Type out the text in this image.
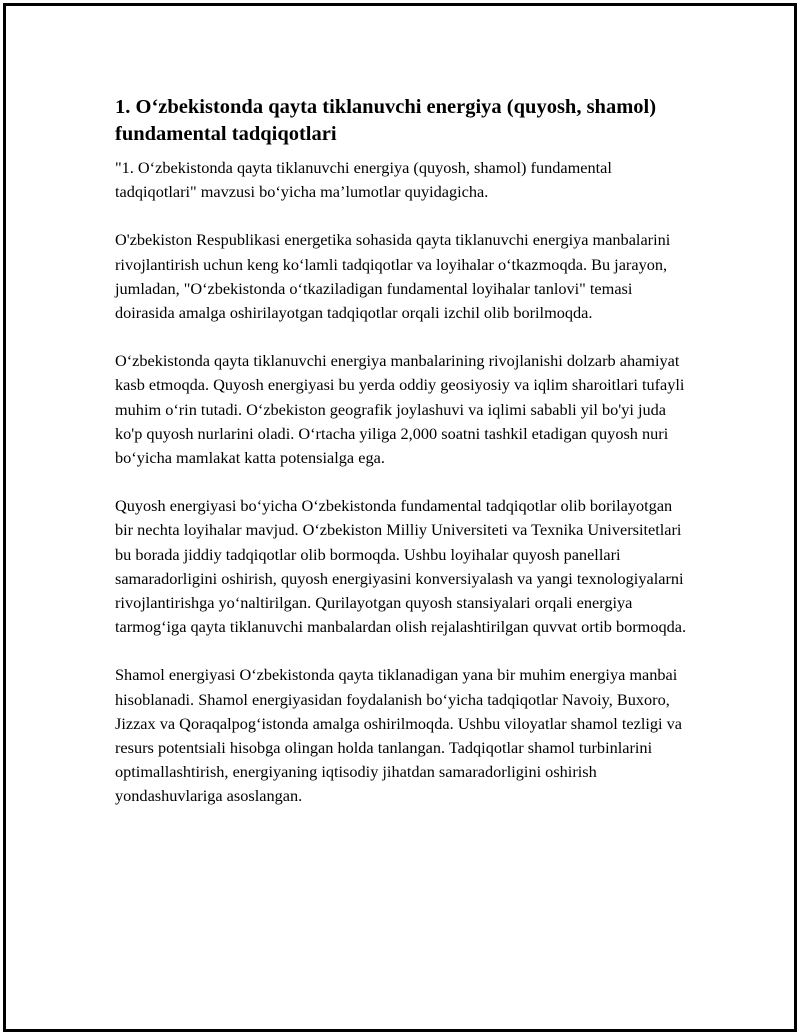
1. O‘zbekistonda qayta tiklanuvchi energiya (quyosh, shamol) fundamental tadqiqotlari

"1. O‘zbekistonda qayta tiklanuvchi energiya (quyosh, shamol) fundamental tadqiqotlari" mavzusi bo‘yicha ma’lumotlar quyidagicha.

O'zbekiston Respublikasi energetika sohasida qayta tiklanuvchi energiya manbalarini rivojlantirish uchun keng ko‘lamli tadqiqotlar va loyihalar o‘tkazmoqda. Bu jarayon, jumladan, "O‘zbekistonda o‘tkaziladigan fundamental loyihalar tanlovi" temasi doirasida amalga oshirilayotgan tadqiqotlar orqali izchil olib borilmoqda.

O‘zbekistonda qayta tiklanuvchi energiya manbalarining rivojlanishi dolzarb ahamiyat kasb etmoqda. Quyosh energiyasi bu yerda oddiy geosiyosiy va iqlim sharoitlari tufayli muhim o‘rin tutadi. O‘zbekiston geografik joylashuvi va iqlimi sababli yil bo'yi juda ko'p quyosh nurlarini oladi. O‘rtacha yiliga 2,000 soatni tashkil etadigan quyosh nuri bo‘yicha mamlakat katta potensialga ega.

Quyosh energiyasi bo‘yicha O‘zbekistonda fundamental tadqiqotlar olib borilayotgan bir nechta loyihalar mavjud. O‘zbekiston Milliy Universiteti va Texnika Universitetlari bu borada jiddiy tadqiqotlar olib bormoqda. Ushbu loyihalar quyosh panellari samaradorligini oshirish, quyosh energiyasini konversiyalash va yangi texnologiyalarni rivojlantirishga yo‘naltirilgan. Qurilayotgan quyosh stansiyalari orqali energiya tarmog‘iga qayta tiklanuvchi manbalardan olish rejalashtirilgan quvvat ortib bormoqda.

Shamol energiyasi O‘zbekistonda qayta tiklanadigan yana bir muhim energiya manbai hisoblanadi. Shamol energiyasidan foydalanish bo‘yicha tadqiqotlar Navoiy, Buxoro, Jizzax va Qoraqalpog‘istonda amalga oshirilmoqda. Ushbu viloyatlar shamol tezligi va resurs potentsiali hisobga olingan holda tanlangan. Tadqiqotlar shamol turbinlarini optimallashtirish, energiyaning iqtisodiy jihatdan samaradorligini oshirish yondashuvlariga asoslangan.
